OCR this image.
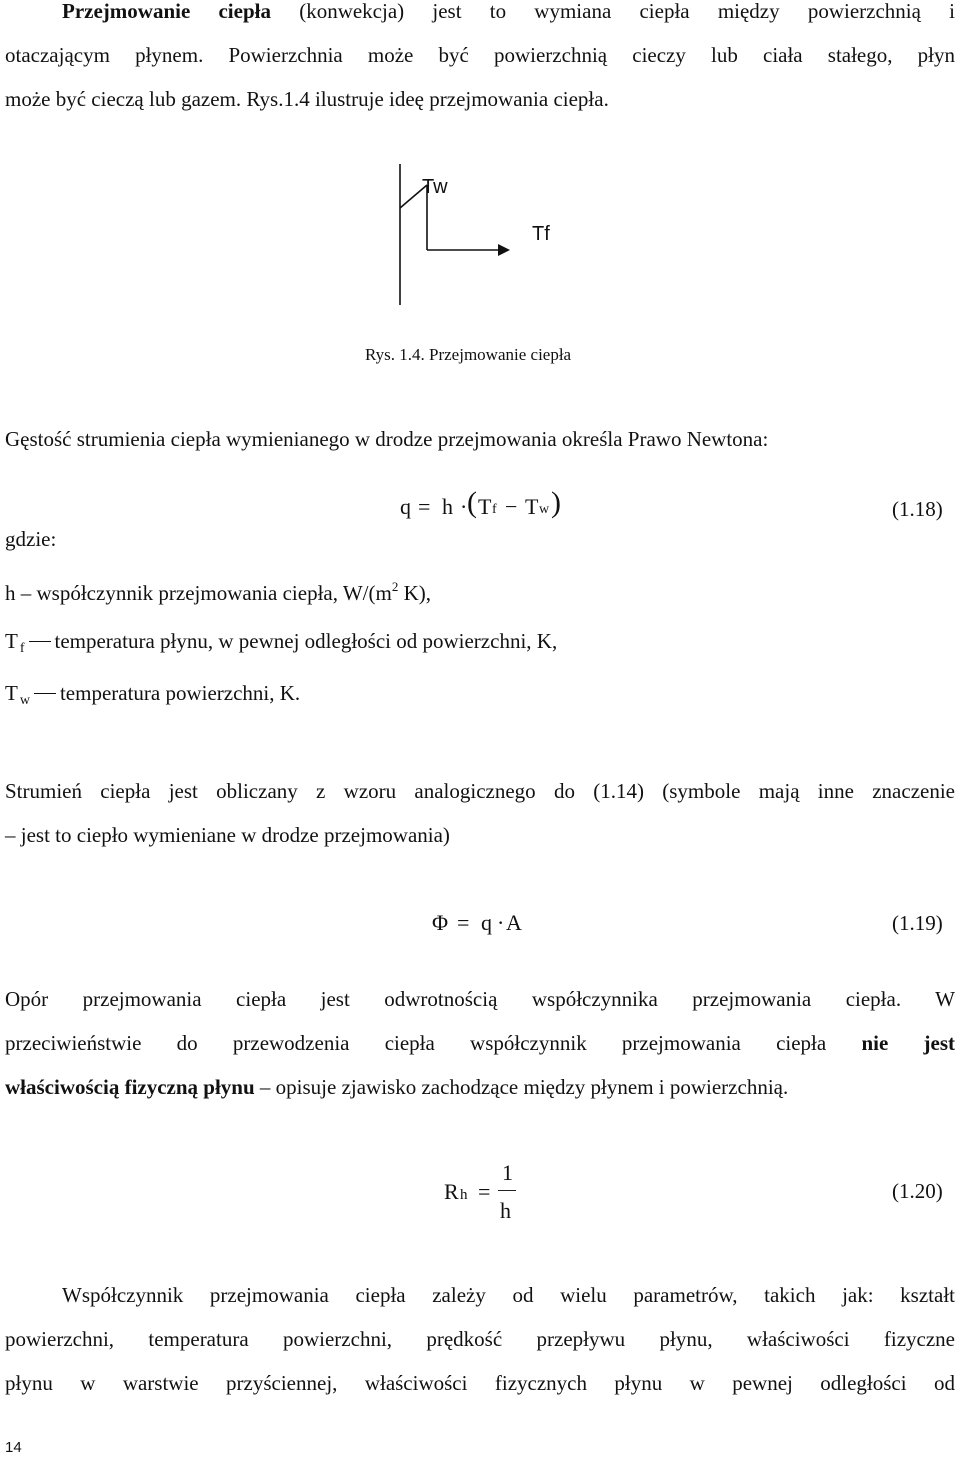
Przejmowanie ciepła (konwekcja) jest to wymiana ciepła między powierzchnią i
otaczającym płynem. Powierzchnia może być powierzchnią cieczy lub ciała stałego, płyn
może być cieczą lub gazem. Rys.1.4 ilustruje ideę przejmowania ciepła.
Tw
Tf
Rys. 1.4. Przejmowanie ciepła
Gęstość strumienia ciepła wymienianego w drodze przejmowania określa Prawo Newtona:
q = h · ( T f − T w )	(1.18)
gdzie:
h – współczynnik przejmowania ciepła, $W/(m^2$ K),
T $_f$ temperatura płynu, w pewnej odległości od powierzchni, K,
T $_w$ temperatura powierzchni, K.
Strumień ciepła jest obliczany z wzoru analogicznego do (1.14) (symbole mają inne znaczenie
– jest to ciepło wymieniane w drodze przejmowania)
Φ = q · A	(1.19)
Opór przejmowania ciepła jest odwrotnością współczynnika przejmowania ciepła. W
przeciwieństwie do przewodzenia ciepła współczynnik przejmowania ciepła nie jest
właściwością fizyczną płynu – opisuje zjawisko zachodzące między płynem i powierzchnią.
R h =
1
h
(1.20)
Współczynnik przejmowania ciepła zależy od wielu parametrów, takich jak: kształt
powierzchni, temperatura powierzchni, prędkość przepływu płynu, właściwości fizyczne
płynu w warstwie przyściennej, właściwości fizycznych płynu w pewnej odległości od
14
